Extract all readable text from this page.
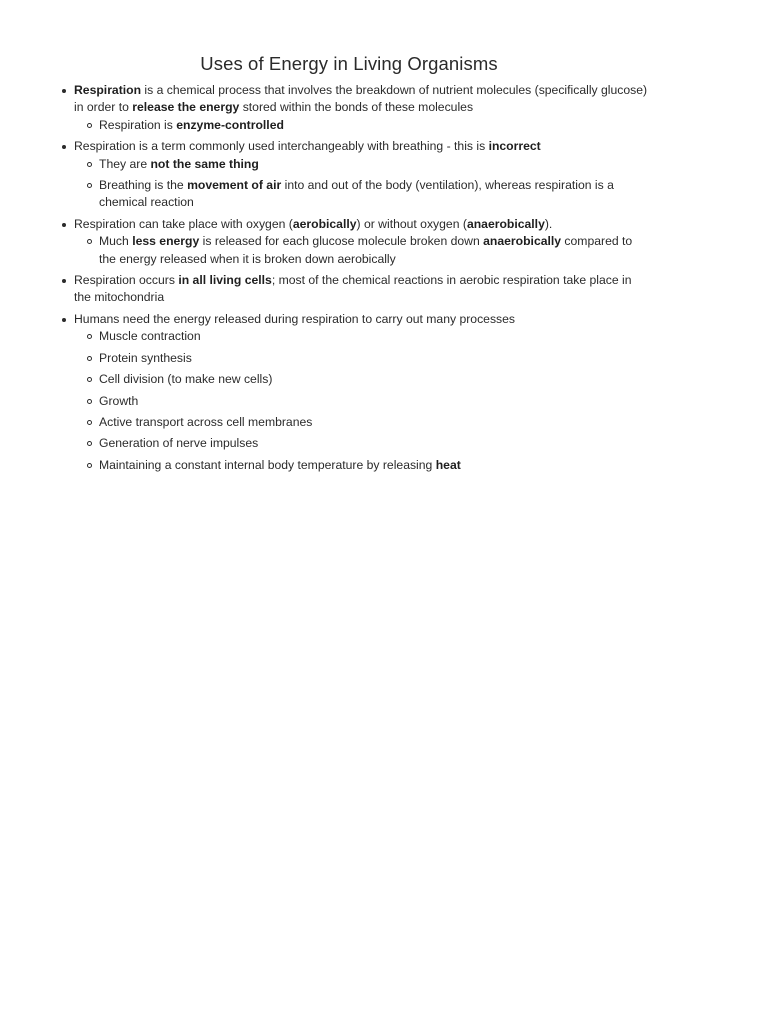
Uses of Energy in Living Organisms
Respiration is a chemical process that involves the breakdown of nutrient molecules (specifically glucose) in order to release the energy stored within the bonds of these molecules
Respiration is enzyme-controlled
Respiration is a term commonly used interchangeably with breathing - this is incorrect
They are not the same thing
Breathing is the movement of air into and out of the body (ventilation), whereas respiration is a chemical reaction
Respiration can take place with oxygen (aerobically) or without oxygen (anaerobically).
Much less energy is released for each glucose molecule broken down anaerobically compared to the energy released when it is broken down aerobically
Respiration occurs in all living cells; most of the chemical reactions in aerobic respiration take place in the mitochondria
Humans need the energy released during respiration to carry out many processes
Muscle contraction
Protein synthesis
Cell division (to make new cells)
Growth
Active transport across cell membranes
Generation of nerve impulses
Maintaining a constant internal body temperature by releasing heat
